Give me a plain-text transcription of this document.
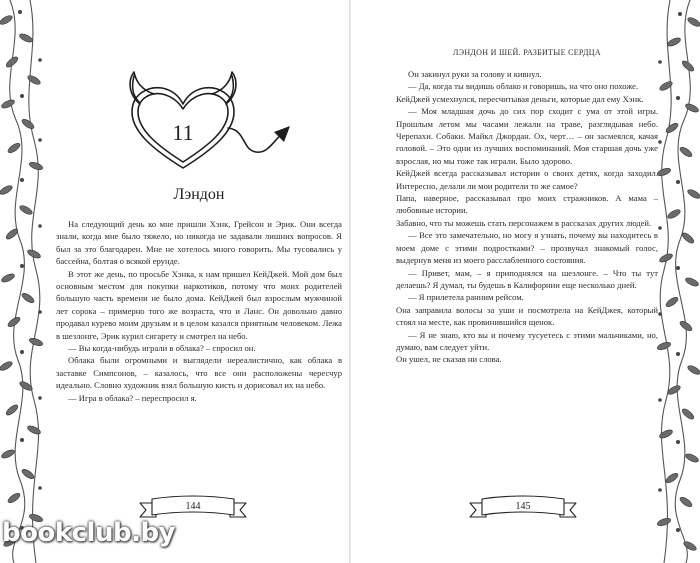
11
Лэндон

На следующий день ко мне пришли Хэнк, Грейсон и Эрик. Они всегда знали, когда мне было тяжело, но никогда не задавали лишних вопросов. Я был за это благодарен. Мне не хотелось много говорить. Мы тусовались у бассейна, болтая о всякой ерунде.

В этот же день, по просьбе Хэнка, к нам пришел КейДжей. Мой дом был основным местом для покупки наркотиков, потому что моих родителей большую часть времени не было дома. КейДжей был взрослым мужчиной лет сорока – примерно того же возраста, что и Ланс. Он довольно давно продавал курево моим друзьям и в целом казался приятным человеком. Лежа в шезлонге, Эрик курил сигарету и смотрел на небо.

— Вы когда-нибудь играли в облака? – спросил он.

Облака были огромными и выглядели нереалистично, как облака в заставке Симпсонов, – казалось, что все они расположены чересчур идеально. Словно художник взял большую кисть и дорисовал их на небо.

— Игра в облака? – переспросил я.

144
ЛЭНДОН И ШЕЙ. РАЗБИТЫЕ СЕРДЦА

Он закинул руки за голову и кивнул.

— Да, когда ты видишь облако и говоришь, на что оно похоже.

КейДжей усмехнулся, пересчитывая деньги, которые дал ему Хэнк.

— Моя младшая дочь до сих пор сходит с ума от этой игры. Прошлым летом мы часами лежали на траве, разглядывая небо. Черепахи. Собаки. Майкл Джордан. Ох, черт… – он засмеялся, качая головой. – Это одни из лучших воспоминаний. Моя старшая дочь уже взрослая, но мы тоже так играли. Было здорово.

КейДжей всегда рассказывал истории о своих детях, когда заходил. Интересно, делали ли мои родители то же самое?

Папа, наверное, рассказывал про моих стражников. А мама – любовные истории.

Забавно, что ты можешь стать персонажем в рассказах других людей.

— Все это замечательно, но могу я узнать, почему вы находитесь в моем доме с этими подростками? – прозвучал знакомый голос, выдернув меня из моего расслабленного состояния.

— Привет, мам, – я приподнялся на шезлонге. – Что ты тут делаешь? Я думал, ты будешь в Калифорнии еще несколько дней.

— Я прилетела ранним рейсом.

Она заправила волосы за уши и посмотрела на КейДжея, который стоял на месте, как провинившийся щенок.

— Я не знаю, кто вы и почему тусуетесь с этими мальчиками, но, думаю, вам следует уйти.

Он ушел, не сказав ни слова.

145
bookclub.by
